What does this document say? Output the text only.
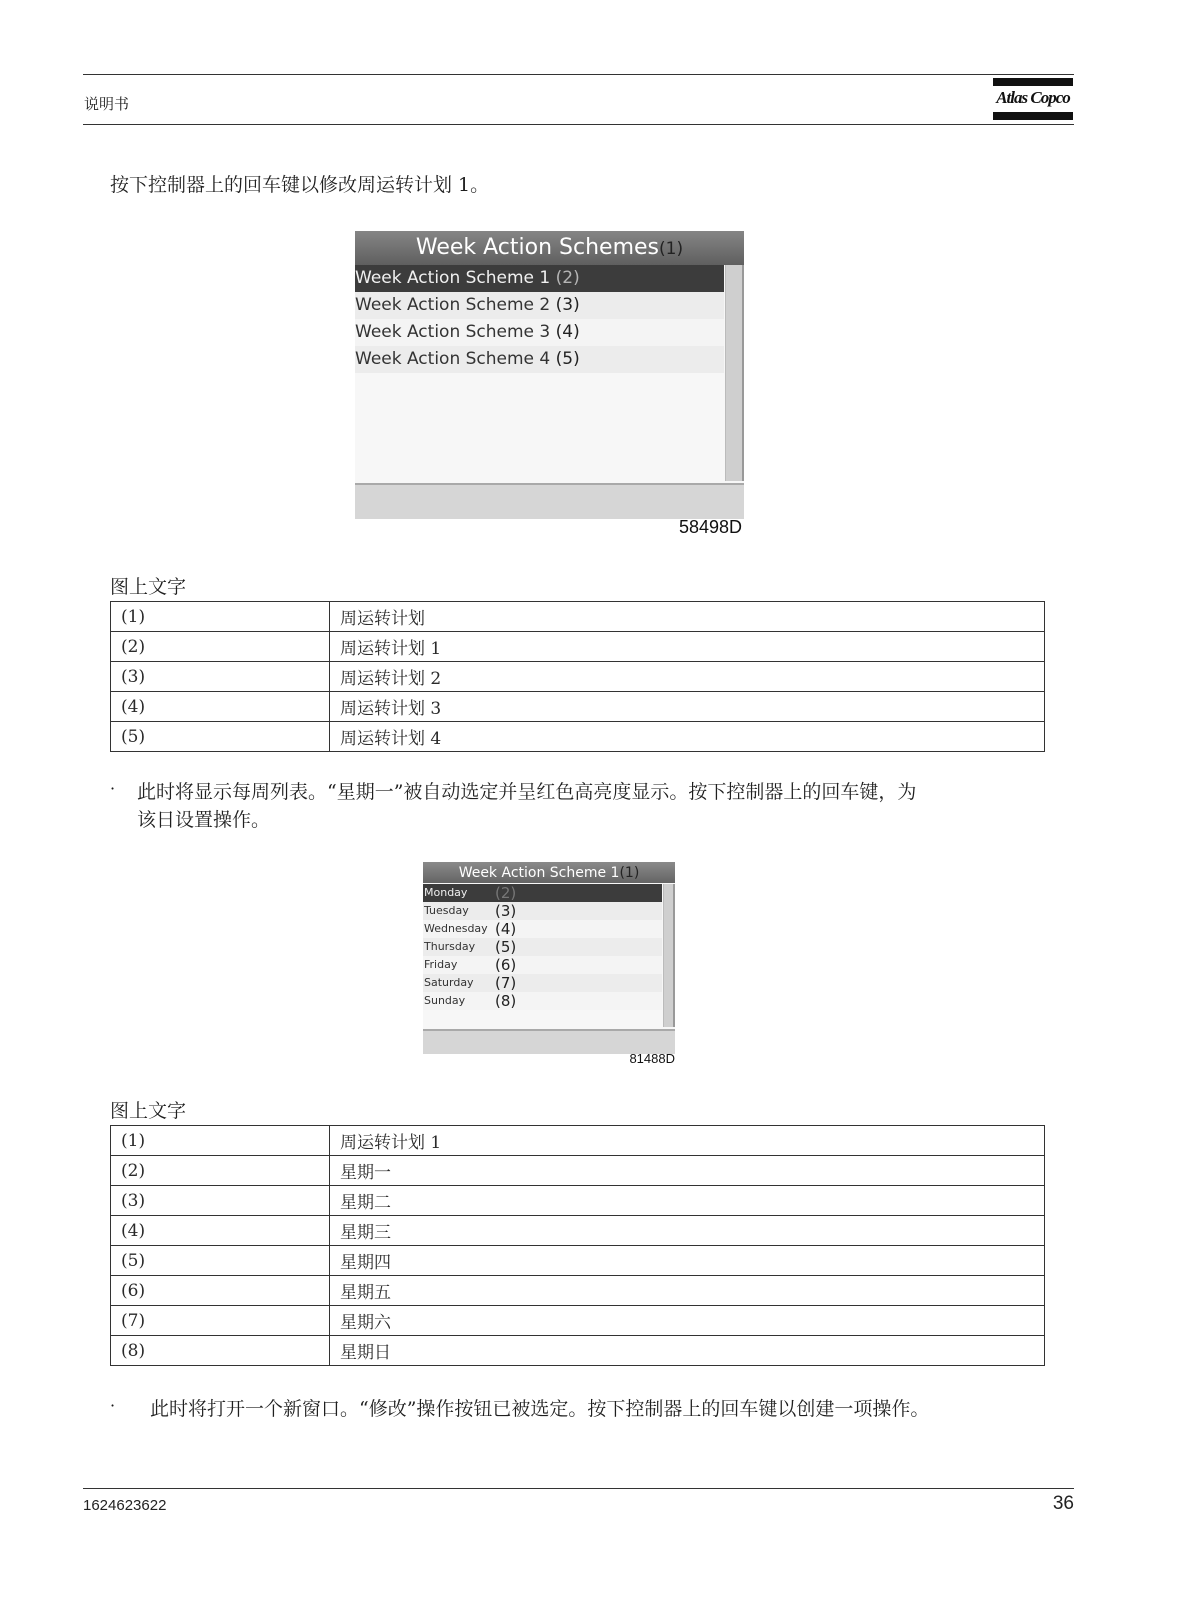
说明书	Atlas Copco
按下控制器上的回车键以修改周运转计划 1。
Week Action Schemes(1)
Week Action Scheme 1 (2)
Week Action Scheme 2 (3)
Week Action Scheme 3 (4)
Week Action Scheme 4 (5)
58498D
图上文字
(1)	周运转计划
(2)	周运转计划 1
(3)	周运转计划 2
(4)	周运转计划 3
(5)	周运转计划 4
· 此时将显示每周列表。“星期一”被自动选定并呈红色高亮度显示。按下控制器上的回车键，为
该日设置操作。
Week Action Scheme 1(1)
Monday (2)
Tuesday (3)
Wednesday (4)
Thursday (5)
Friday	(6)
Saturday (7)
Sunday (8)
81488D
图上文字
(1)	周运转计划 1
(2)	星期一
(3)	星期二
(4)	星期三
(5)	星期四
(6)	星期五
(7)	星期六
(8)	星期日
· 此时将打开一个新窗口。“修改”操作按钮已被选定。按下控制器上的回车键以创建一项操作。
1624623622	36
